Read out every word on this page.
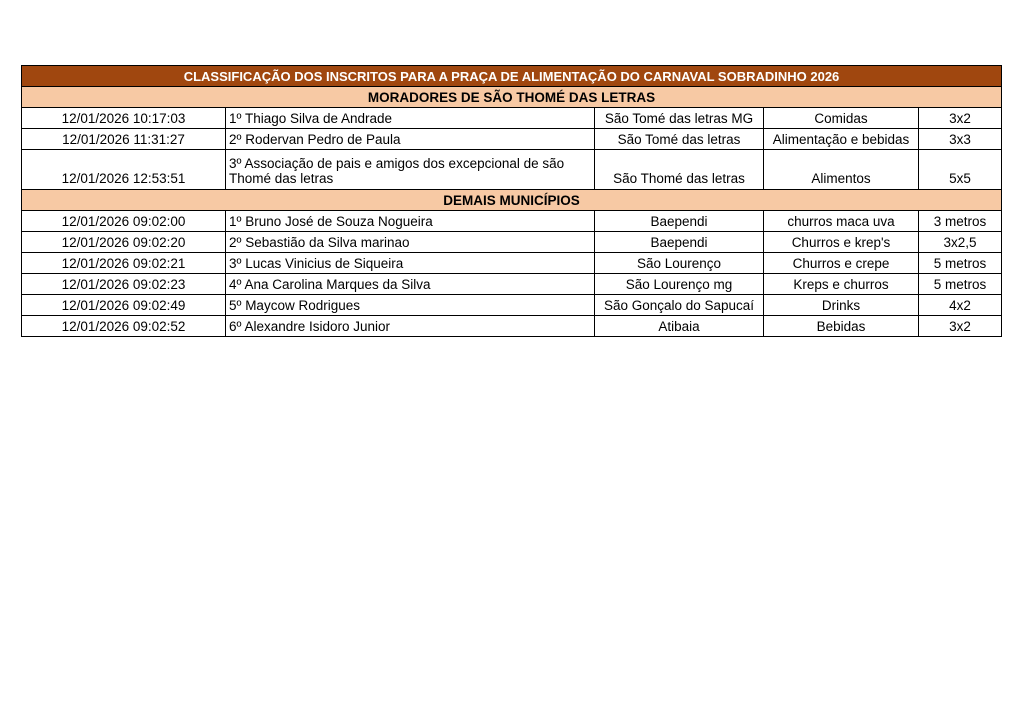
CLASSIFICAÇÃO DOS INSCRITOS PARA A PRAÇA DE ALIMENTAÇÃO DO CARNAVAL SOBRADINHO 2026				
MORADORES DE SÃO THOMÉ DAS LETRAS				
12/01/2026 10:17:03	1º Thiago Silva de Andrade	São Tomé das letras MG	Comidas	3x2
12/01/2026 11:31:27	2º Rodervan Pedro de Paula	São Tomé das letras	Alimentação e bebidas	3x3
12/01/2026 12:53:51	3º Associação de pais e amigos dos excepcional de são Thomé das letras	São Thomé das letras	Alimentos	5x5
DEMAIS MUNICÍPIOS				
12/01/2026 09:02:00	1º Bruno José de Souza Nogueira	Baependi	churros maca uva	3 metros
12/01/2026 09:02:20	2º Sebastião da Silva marinao	Baependi	Churros e krep's	3x2,5
12/01/2026 09:02:21	3º Lucas Vinicius de Siqueira	São Lourenço	Churros e crepe	5 metros
12/01/2026 09:02:23	4º Ana Carolina Marques da Silva	São Lourenço mg	Kreps e churros	5 metros
12/01/2026 09:02:49	5º Maycow Rodrigues	São Gonçalo do Sapucaí	Drinks	4x2
12/01/2026 09:02:52	6º Alexandre Isidoro Junior	Atibaia	Bebidas	3x2
